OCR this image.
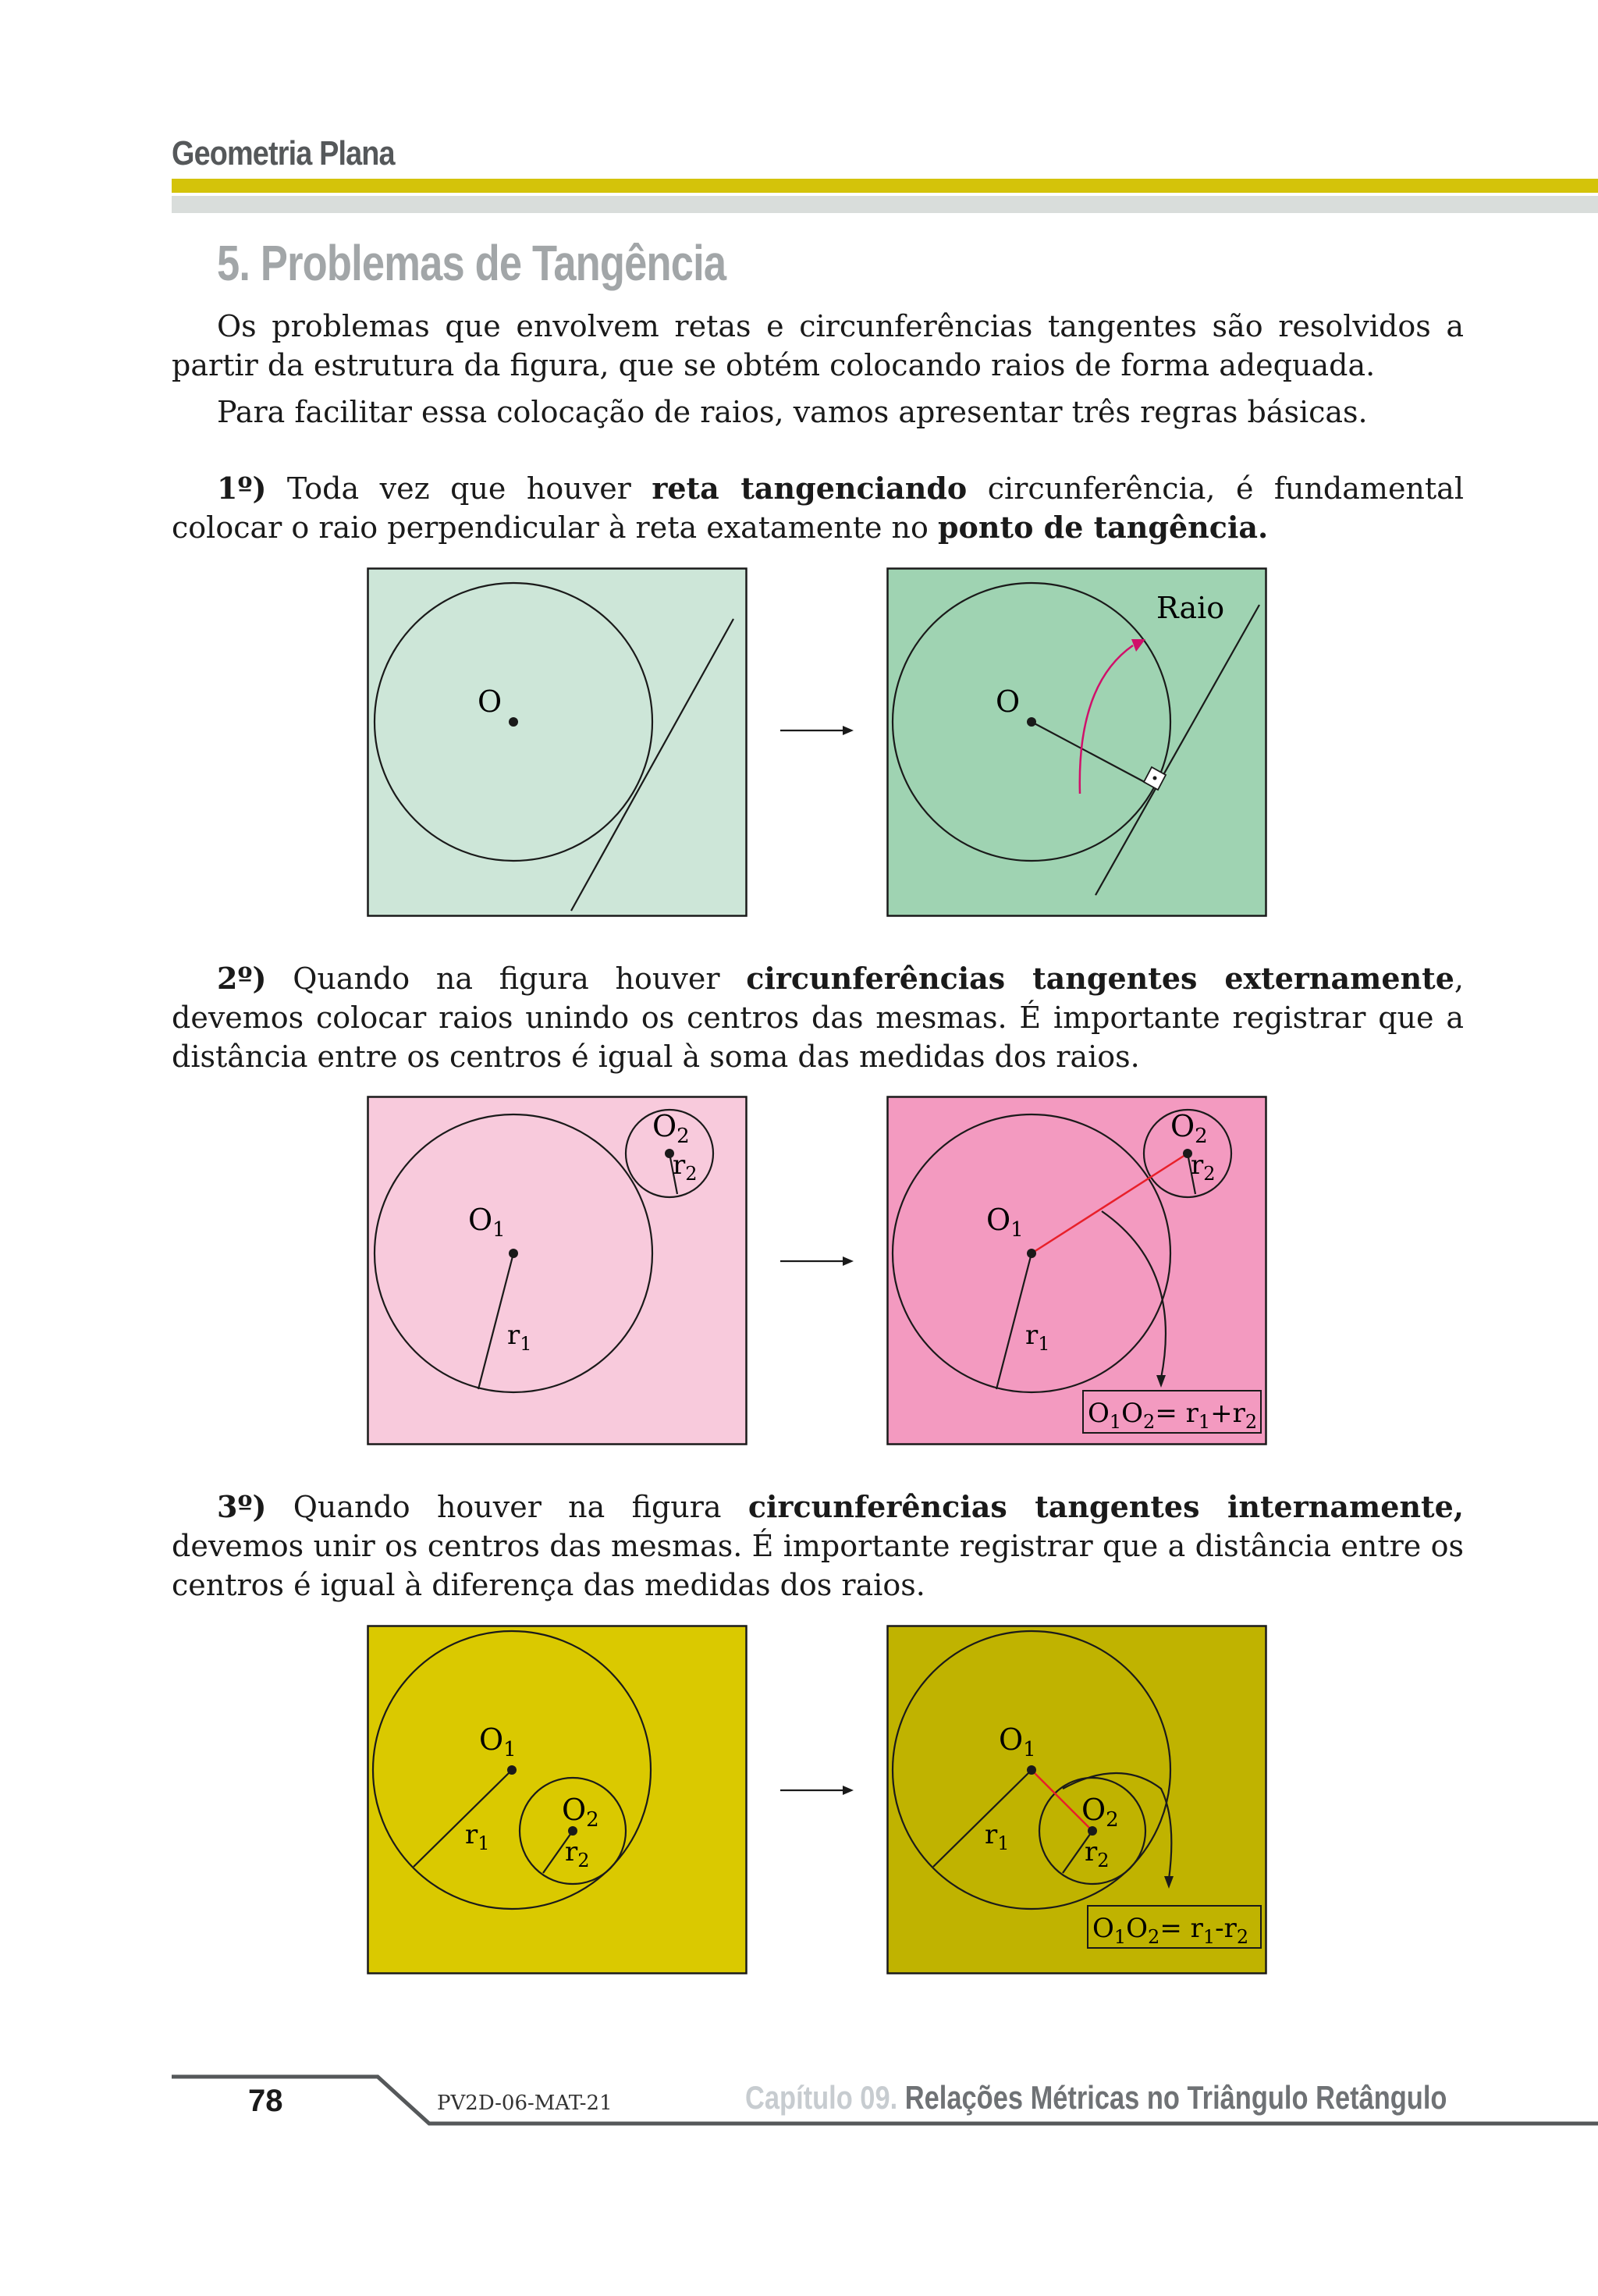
Geometria Plana
5. Problemas de Tangência

Os problemas que envolvem retas e circunferências tangentes são resolvidos a partir da estrutura da figura, que se obtém colocando raios de forma adequada.

Para facilitar essa colocação de raios, vamos apresentar três regras básicas.

1º) Toda vez que houver reta tangenciando circunferência, é fundamental colocar o raio perpendicular à reta exatamente no ponto de tangência.

O	O
Raio

2º) Quando na figura houver circunferências tangentes externamente, devemos colocar raios unindo os centros das mesmas. É importante registrar que a distância entre os centros é igual à soma das medidas dos raios.

$O_1$
$O_2$
$r_2$
$r_1$
$O_1$
$O_2$
$r_2$
$r_1$
$O_1O_2= r_1+r_2$

3º) Quando houver na figura circunferências tangentes internamente, devemos unir os centros das mesmas. É importante registrar que a distância entre os centros é igual à diferença das medidas dos raios.

$O_1$
$O_2$
$r_1$	$r_2$
$O_1$
$O_2$
$r_1$	$r_2$
$O_1O_2= r_1-r_2$
78	PV2D-06-MAT-21	Capítulo 09. Relações Métricas no Triângulo Retângulo
